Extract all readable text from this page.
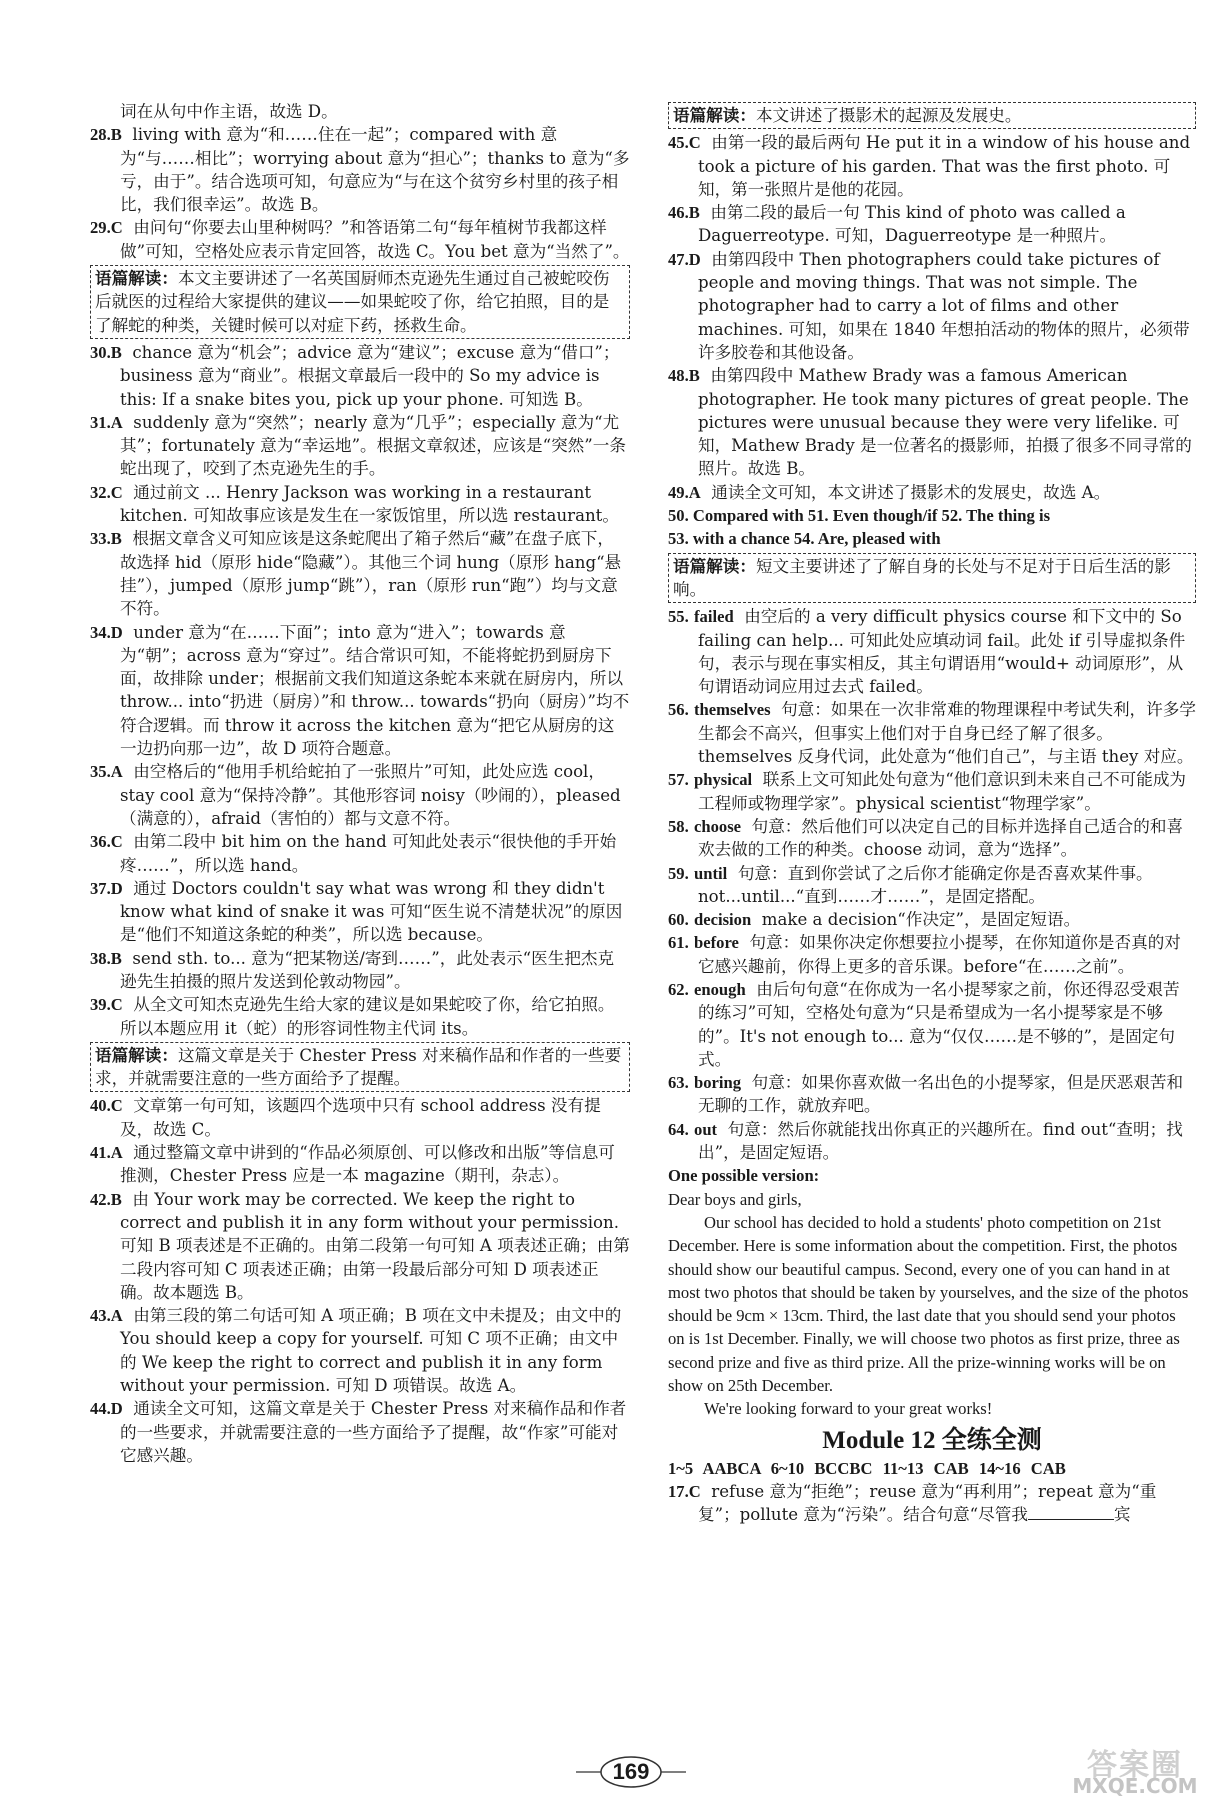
词在从句中作主语，故选 D。

28.B living with 意为“和……住在一起”；compared with 意为“与……相比”；worrying about 意为“担心”；thanks to 意为“多亏，由于”。结合选项可知，句意应为“与在这个贫穷乡村里的孩子相比，我们很幸运”。故选 B。

29.C 由问句“你要去山里种树吗？”和答语第二句“每年植树节我都这样做”可知，空格处应表示肯定回答，故选 C。You bet 意为“当然了”。

语篇解读：本文主要讲述了一名英国厨师杰克逊先生通过自己被蛇咬伤后就医的过程给大家提供的建议——如果蛇咬了你，给它拍照，目的是了解蛇的种类，关键时候可以对症下药，拯救生命。

30.B chance 意为“机会”；advice 意为“建议”；excuse 意为“借口”；business 意为“商业”。根据文章最后一段中的 So my advice is this: If a snake bites you, pick up your phone. 可知选 B。

31.A suddenly 意为“突然”；nearly 意为“几乎”；especially 意为“尤其”；fortunately 意为“幸运地”。根据文章叙述，应该是“突然”一条蛇出现了，咬到了杰克逊先生的手。

32.C 通过前文 ... Henry Jackson was working in a restaurant kitchen. 可知故事应该是发生在一家饭馆里，所以选 restaurant。

33.B 根据文章含义可知应该是这条蛇爬出了箱子然后“藏”在盘子底下，故选择 hid（原形 hide“隐藏”）。其他三个词 hung（原形 hang“悬挂”），jumped（原形 jump“跳”），ran（原形 run“跑”）均与文意不符。

34.D under 意为“在……下面”；into 意为“进入”；towards 意为“朝”；across 意为“穿过”。结合常识可知，不能将蛇扔到厨房下面，故排除 under；根据前文我们知道这条蛇本来就在厨房内，所以 throw... into“扔进（厨房）”和 throw... towards“扔向（厨房）”均不符合逻辑。而 throw it across the kitchen 意为“把它从厨房的这一边扔向那一边”，故 D 项符合题意。

35.A 由空格后的“他用手机给蛇拍了一张照片”可知，此处应选 cool，stay cool 意为“保持冷静”。其他形容词 noisy（吵闹的），pleased（满意的），afraid（害怕的）都与文意不符。

36.C 由第二段中 bit him on the hand 可知此处表示“很快他的手开始疼……”，所以选 hand。

37.D 通过 Doctors couldn't say what was wrong 和 they didn't know what kind of snake it was 可知“医生说不清楚状况”的原因是“他们不知道这条蛇的种类”，所以选 because。

38.B send sth. to... 意为“把某物送/寄到……”，此处表示“医生把杰克逊先生拍摄的照片发送到伦敦动物园”。

39.C 从全文可知杰克逊先生给大家的建议是如果蛇咬了你，给它拍照。所以本题应用 it（蛇）的形容词性物主代词 its。

语篇解读：这篇文章是关于 Chester Press 对来稿作品和作者的一些要求，并就需要注意的一些方面给予了提醒。

40.C 文章第一句可知，该题四个选项中只有 school address 没有提及，故选 C。

41.A 通过整篇文章中讲到的“作品必须原创、可以修改和出版”等信息可推测，Chester Press 应是一本 magazine（期刊，杂志）。

42.B 由 Your work may be corrected. We keep the right to correct and publish it in any form without your permission. 可知 B 项表述是不正确的。由第二段第一句可知 A 项表述正确；由第二段内容可知 C 项表述正确；由第一段最后部分可知 D 项表述正确。故本题选 B。

43.A 由第三段的第二句话可知 A 项正确；B 项在文中未提及；由文中的 You should keep a copy for yourself. 可知 C 项不正确；由文中的 We keep the right to correct and publish it in any form without your permission. 可知 D 项错误。故选 A。

44.D 通读全文可知，这篇文章是关于 Chester Press 对来稿作品和作者的一些要求，并就需要注意的一些方面给予了提醒，故“作家”可能对它感兴趣。

语篇解读：本文讲述了摄影术的起源及发展史。

45.C 由第一段的最后两句 He put it in a window of his house and took a picture of his garden. That was the first photo. 可知，第一张照片是他的花园。

46.B 由第二段的最后一句 This kind of photo was called a Daguerreotype. 可知，Daguerreotype 是一种照片。

47.D 由第四段中 Then photographers could take pictures of people and moving things. That was not simple. The photographer had to carry a lot of films and other machines. 可知，如果在 1840 年想拍活动的物体的照片，必须带许多胶卷和其他设备。

48.B 由第四段中 Mathew Brady was a famous American photographer. He took many pictures of great people. The pictures were unusual because they were very lifelike. 可知，Mathew Brady 是一位著名的摄影师，拍摄了很多不同寻常的照片。故选 B。

49.A 通读全文可知，本文讲述了摄影术的发展史，故选 A。

50. Compared with 51. Even though/if 52. The thing is

53. with a chance 54. Are, pleased with

语篇解读：短文主要讲述了了解自身的长处与不足对于日后生活的影响。

55. failed 由空后的 a very difficult physics course 和下文中的 So failing can help... 可知此处应填动词 fail。此处 if 引导虚拟条件句，表示与现在事实相反，其主句谓语用“would+ 动词原形”，从句谓语动词应用过去式 failed。

56. themselves 句意：如果在一次非常难的物理课程中考试失利，许多学生都会不高兴，但事实上他们对于自身已经了解了很多。themselves 反身代词，此处意为“他们自己”，与主语 they 对应。

57. physical 联系上文可知此处句意为“他们意识到未来自己不可能成为工程师或物理学家”。physical scientist“物理学家”。

58. choose 句意：然后他们可以决定自己的目标并选择自己适合的和喜欢去做的工作的种类。choose 动词，意为“选择”。

59. until 句意：直到你尝试了之后你才能确定你是否喜欢某件事。not...until...“直到……才……”，是固定搭配。

60. decision make a decision“作决定”，是固定短语。

61. before 句意：如果你决定你想要拉小提琴，在你知道你是否真的对它感兴趣前，你得上更多的音乐课。before“在……之前”。

62. enough 由后句句意“在你成为一名小提琴家之前，你还得忍受艰苦的练习”可知，空格处句意为“只是希望成为一名小提琴家是不够的”。It's not enough to... 意为“仅仅……是不够的”，是固定句式。

63. boring 句意：如果你喜欢做一名出色的小提琴家，但是厌恶艰苦和无聊的工作，就放弃吧。

64. out 句意：然后你就能找出你真正的兴趣所在。find out“查明；找出”，是固定短语。

One possible version:

Dear boys and girls,

Our school has decided to hold a students' photo competition on 21st December. Here is some information about the competition. First, the photos should show our beautiful campus. Second, every one of you can hand in at most two photos that should be taken by yourselves, and the size of the photos should be 9cm × 13cm. Third, the last date that you should send your photos on is 1st December. Finally, we will choose two photos as first prize, three as second prize and five as third prize. All the prize-winning works will be on show on 25th December.

We're looking forward to your great works!

Module 12 全练全测

1~5 AABCA 6~10 BCCBC 11~13 CAB 14~16 CAB

17.C refuse 意为“拒绝”；reuse 意为“再利用”；repeat 意为“重复”；pollute 意为“污染”。结合句意“尽管我	宾

169	答案圈
MXQE.COM
